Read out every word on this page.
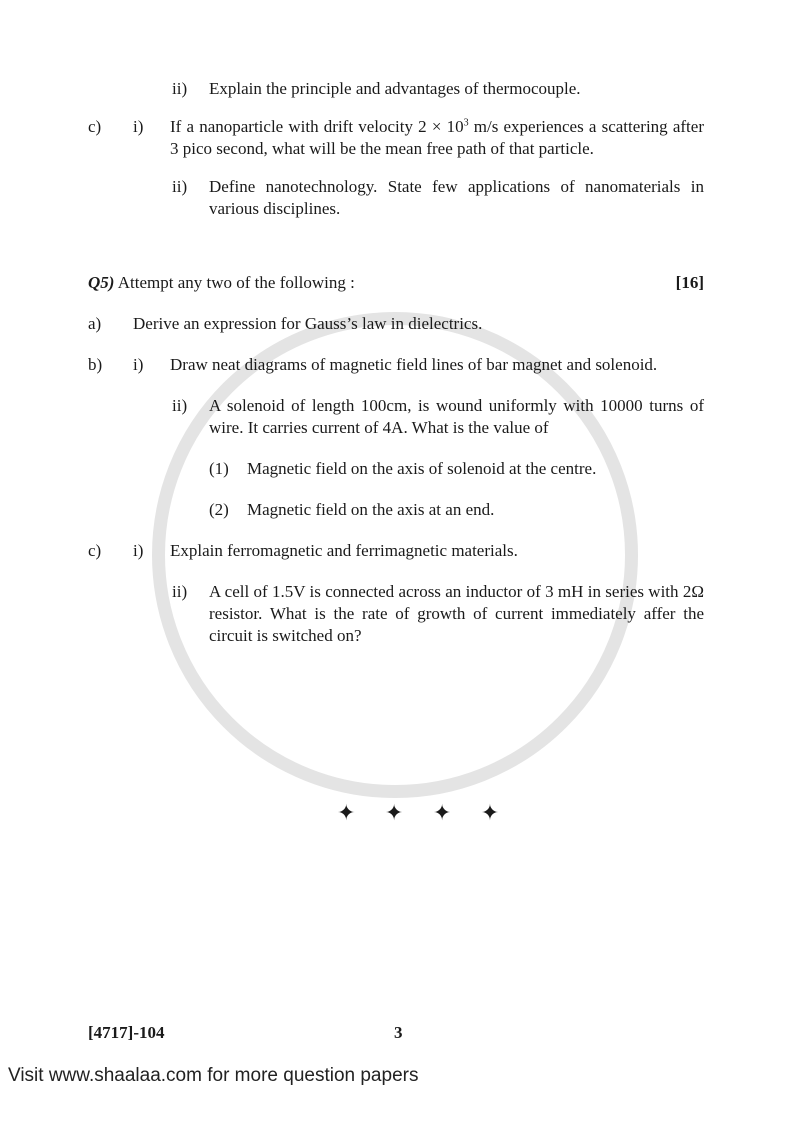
ii)	Explain the principle and advantages of thermocouple.
c)	i)	If a nanoparticle with drift velocity $2 \times 10^3$ m/s experiences a scattering after 3 pico second, what will be the mean free path of that particle.
ii)	Define nanotechnology. State few applications of nanomaterials in various disciplines.
Q5) Attempt any two of the following :	[16]
a)	Derive an expression for Gauss’s law in dielectrics.
b)	i)	Draw neat diagrams of magnetic field lines of bar magnet and solenoid.
ii)	A solenoid of length 100cm, is wound uniformly with 10000 turns of wire. It carries current of 4A. What is the value of
(1)	Magnetic field on the axis of solenoid at the centre.
(2)	Magnetic field on the axis at an end.
c)	i)	Explain ferromagnetic and ferrimagnetic materials.
ii)	A cell of 1.5V is connected across an inductor of 3 mH in series with 2Ω resistor. What is the rate of growth of current immediately affer the circuit is switched on?
✦ ✦ ✦ ✦
[4717]-104	3
Visit www.shaalaa.com for more question papers
